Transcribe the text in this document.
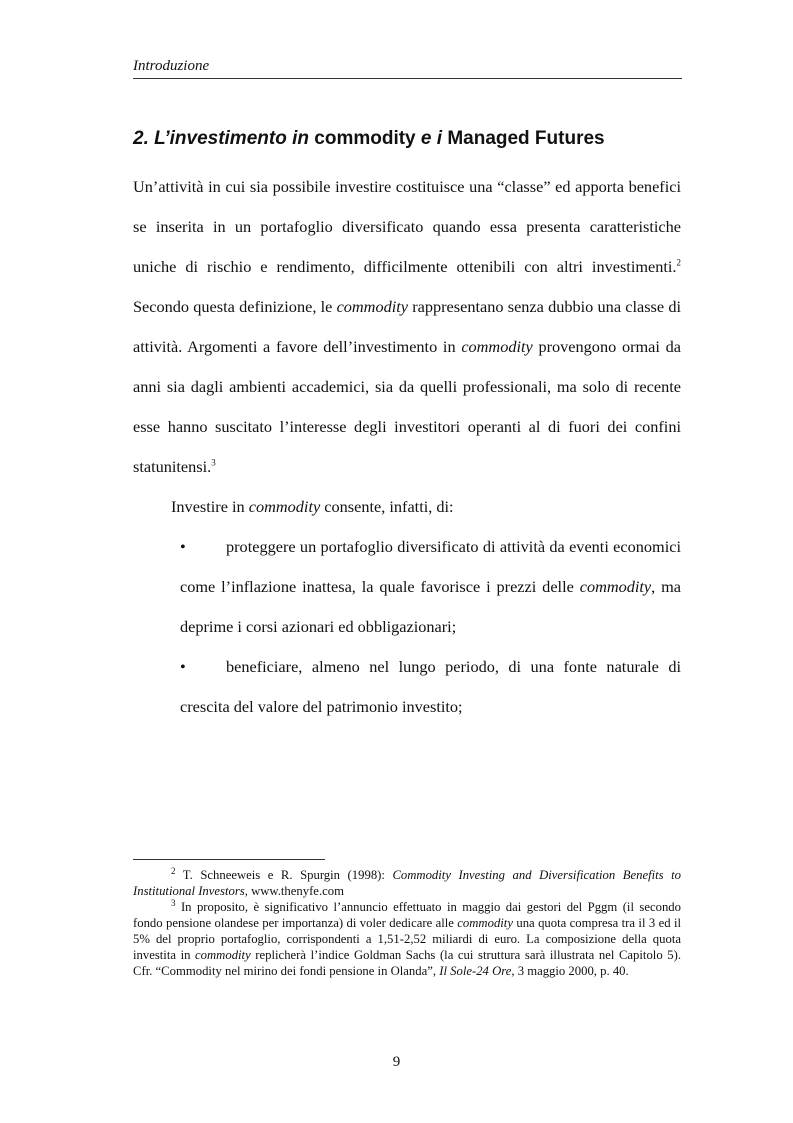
Introduzione
2. L’investimento in commodity e i Managed Futures

Un’attività in cui sia possibile investire costituisce una “classe” ed apporta benefici se inserita in un portafoglio diversificato quando essa presenta caratteristiche uniche di rischio e rendimento, difficilmente ottenibili con altri investimenti.$^2$ Secondo questa definizione, le commodity rappresentano senza dubbio una classe di attività. Argomenti a favore dell’investimento in commodity provengono ormai da anni sia dagli ambienti accademici, sia da quelli professionali, ma solo di recente esse hanno suscitato l’interesse degli investitori operanti al di fuori dei confini statunitensi.$^3$

Investire in commodity consente, infatti, di:

• proteggere un portafoglio diversificato di attività da eventi economici come l’inflazione inattesa, la quale favorisce i prezzi delle commodity, ma deprime i corsi azionari ed obbligazionari;
• beneficiare, almeno nel lungo periodo, di una fonte naturale di crescita del valore del patrimonio investito;

$^2$ T. Schneeweis e R. Spurgin (1998): Commodity Investing and Diversification Benefits to Institutional Investors, www.thenyfe.com

$^3$ In proposito, è significativo l’annuncio effettuato in maggio dai gestori del Pggm (il secondo fondo pensione olandese per importanza) di voler dedicare alle commodity una quota compresa tra il 3 ed il 5% del proprio portafoglio, corrispondenti a 1,51-2,52 miliardi di euro. La composizione della quota investita in commodity replicherà l’indice Goldman Sachs (la cui struttura sarà illustrata nel Capitolo 5). Cfr. “Commodity nel mirino dei fondi pensione in Olanda”, Il Sole-24 Ore, 3 maggio 2000, p. 40.

9
